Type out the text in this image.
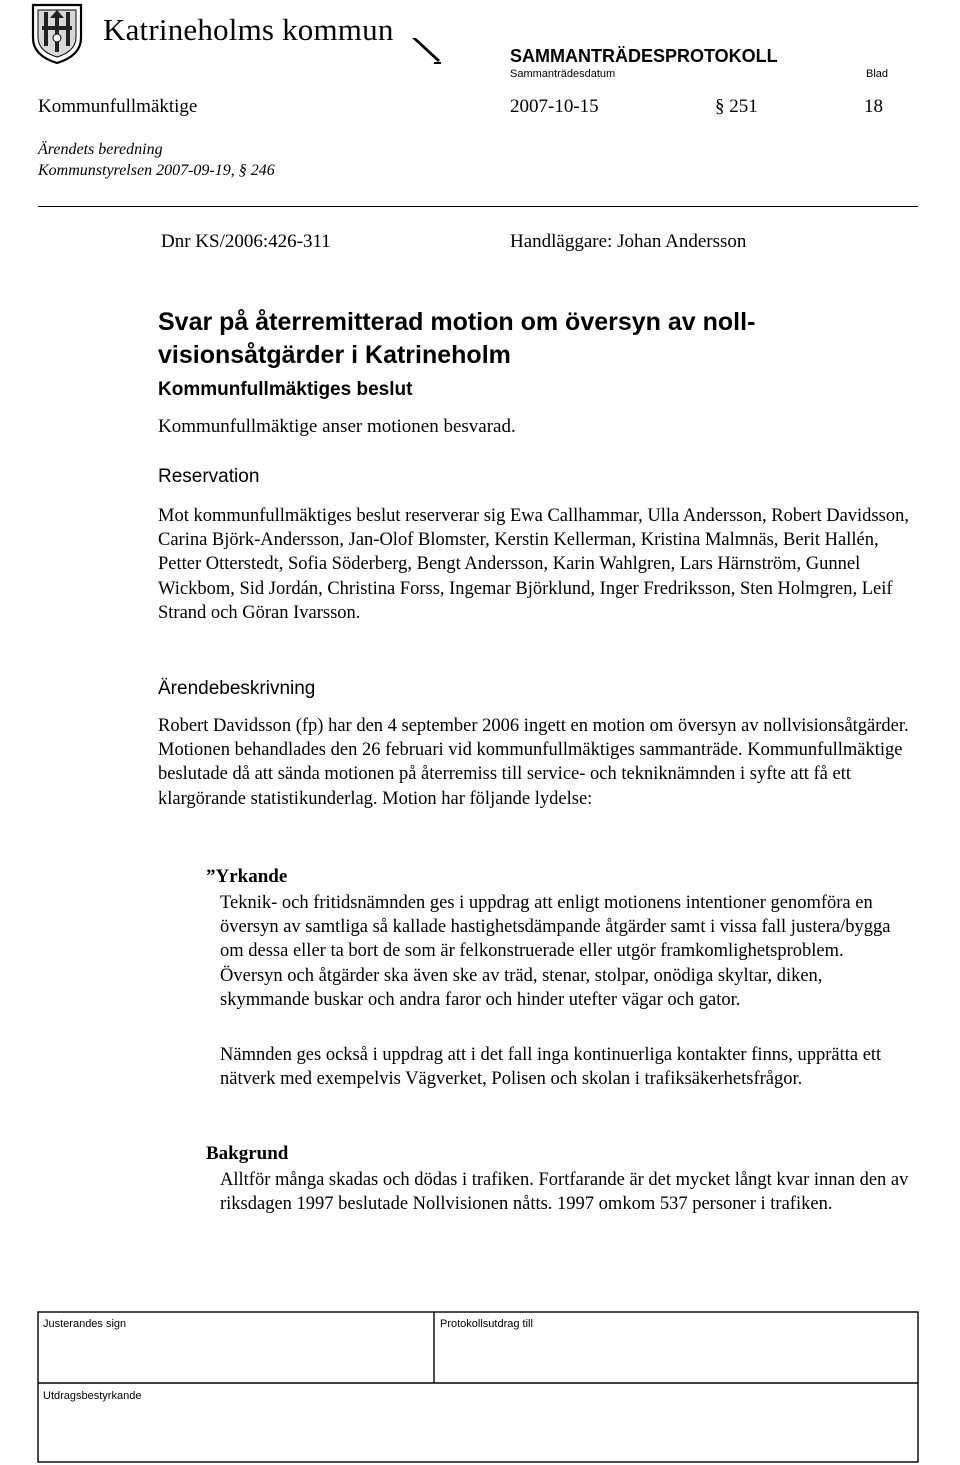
Katrineholms kommun
SAMMANTRÄDESPROTOKOLL
Sammanträdesdatum	Blad
Kommunfullmäktige	2007-10-15	§ 251	18
Ärendets beredning
Kommunstyrelsen 2007-09-19, § 246
Dnr KS/2006:426-311	Handläggare: Johan Andersson
Svar på återremitterad motion om översyn av nollvisionsåtgärder i Katrineholm
Kommunfullmäktiges beslut
Kommunfullmäktige anser motionen besvarad.
Reservation
Mot kommunfullmäktiges beslut reserverar sig Ewa Callhammar, Ulla Andersson, Robert Davidsson, Carina Björk-Andersson, Jan-Olof Blomster, Kerstin Kellerman, Kristina Malmnäs, Berit Hallén, Petter Otterstedt, Sofia Söderberg, Bengt Andersson, Karin Wahlgren, Lars Härnström, Gunnel Wickbom, Sid Jordán, Christina Forss, Ingemar Björklund, Inger Fredriksson, Sten Holmgren, Leif Strand och Göran Ivarsson.
Ärendebeskrivning
Robert Davidsson (fp) har den 4 september 2006 ingett en motion om översyn av nollvisionsåtgärder. Motionen behandlades den 26 februari vid kommunfullmäktiges sammanträde. Kommunfullmäktige beslutade då att sända motionen på återremiss till service- och tekniknämnden i syfte att få ett klargörande statistikunderlag. Motion har följande lydelse:
”Yrkande
Teknik- och fritidsnämnden ges i uppdrag att enligt motionens intentioner genomföra en översyn av samtliga så kallade hastighetsdämpande åtgärder samt i vissa fall justera/bygga om dessa eller ta bort de som är felkonstruerade eller utgör framkomlighetsproblem. Översyn och åtgärder ska även ske av träd, stenar, stolpar, onödiga skyltar, diken, skymmande buskar och andra faror och hinder utefter vägar och gator.
Nämnden ges också i uppdrag att i det fall inga kontinuerliga kontakter finns, upprätta ett nätverk med exempelvis Vägverket, Polisen och skolan i trafiksäkerhetsfrågor.
Bakgrund
Alltför många skadas och dödas i trafiken. Fortfarande är det mycket långt kvar innan den av riksdagen 1997 beslutade Nollvisionen nåtts. 1997 omkom 537 personer i trafiken.
Justerandes sign	Protokollsutdrag till
Utdragsbestyrkande
